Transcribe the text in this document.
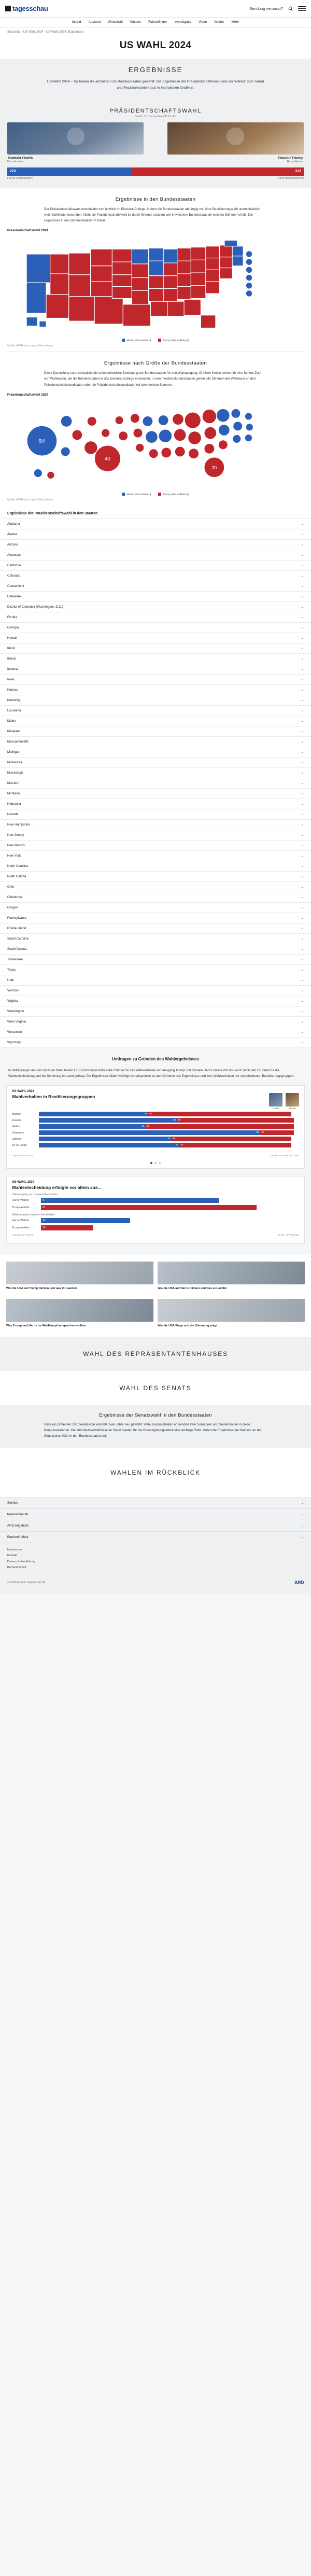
tagesschau	Sendung verpasst?
Inland Ausland Wirtschaft Wissen Faktenfinder Investigativ Video Wetter Mehr
Startseite › US-Wahl 2024 › US-Wahl 2024: Ergebnisse
US WAHL 2024
ERGEBNISSE
US-Wahl 2024 – So haben die einzelnen US-Bundesstaaten gewählt: Die Ergebnisse der Präsidentschaftswahl und der Wahlen zum Senat und Repräsentantenhaus in interaktiven Grafiken.
PRÄSIDENTSCHAFTSWAHL
Stand: 13. Dezember, 08:15 Uhr
Kamala Harris
Demokraten
Donald Trump
Republikaner
226	312
Harris (Demokraten)	Trump (Republikaner)
Ergebnisse in den Bundesstaaten

Der Präsidentschaftswahl entscheidet sich letztlich im Electoral College, in dem die Bundesstaaten abhängig von ihrer Bevölkerungszahl unterschiedlich viele Wahlleute entsenden. Nicht die Präsidentschaftswahl ist damit führend, sondern wer in welchem Bundesstaat die meisten Stimmen erhält. Die Ergebnisse in den Bundesstaaten im Detail.

Präsidentschaftswahl 2024
Harris (Demokraten)	Trump (Republikaner)
Quelle: AP/Reuters, eigene Berechnung
Ergebnisse nach Größe der Bundesstaaten

Diese Darstellung veranschaulicht die unterschiedliche Bedeutung der Bundesstaaten für den Wahlausgang: Größere Kreise stehen für eine höhere Zahl von Wahlleuten, die die Bundesstaaten in das Electoral College entsenden. In den meisten Bundesstaaten gehen alle Stimmen der Wahlleute an den Präsidentschaftskandidaten oder die Präsidentschaftskandidatin mit den meisten Stimmen.

Präsidentschaftswahl 2024
54
40
30
Harris (Demokraten)	Trump (Republikaner)
Quelle: AP/Reuters, eigene Berechnung
Ergebnisse der Präsidentschaftswahl in den Staaten
Alabama	⌄
Alaska	⌄
Arizona	⌄
Arkansas	⌄
California	⌄
Colorado	⌄
Connecticut	⌄
Delaware	⌄
District of Columbia (Washington, D.C.)	⌄
Florida	⌄
Georgia	⌄
Hawaii	⌄
Idaho	⌄
Illinois	⌄
Indiana	⌄
Iowa	⌄
Kansas	⌄
Kentucky	⌄
Louisiana	⌄
Maine	⌄
Maryland	⌄
Massachusetts	⌄
Michigan	⌄
Minnesota	⌄
Mississippi	⌄
Missouri	⌄
Montana	⌄
Nebraska	⌄
Nevada	⌄
New Hampshire	⌄
New Jersey	⌄
New Mexico	⌄
New York	⌄
North Carolina	⌄
North Dakota	⌄
Ohio	⌄
Oklahoma	⌄
Oregon	⌄
Pennsylvania	⌄
Rhode Island	⌄
South Carolina	⌄
South Dakota	⌄
Tennessee	⌄
Texas	⌄
Utah	⌄
Vermont	⌄
Virginia	⌄
Washington	⌄
West Virginia	⌄
Wisconsin	⌄
Wyoming	⌄
Umfragen zu Gründen des Wahlergebnisses
In Befragungen am und nach der Wahl haben US-Forschungsinstitute die Gründe für das Wahlverhalten am Ausgang Trump und Kamala Harris untersucht und auch nach den Gründen für die Wahlentscheidung und die Stimmung im Land gefragt. Die Ergebnisse bilden wichtige Anhaltspunkte zu den Gründen des Ergebnisses und zum Wahlverhalten der verschiedenen Bevölkerungsgruppen.
US-WAHL 2024
Wahlverhalten in Bevölkerungsgruppen
Harris	Trump
Männer	42 55
Frauen	53 45
Weiße	41 57
Schwarze	85 13
Latinos	51 46
18-29 Jahre	54 43
Angaben in Prozent	Quelle: AP VoteCast / NEP
US-WAHL 2024
Wahlentscheidung erfolgte vor allem aus...
Überzeugung von meinem Kandidaten
Harris-Wähler	67
Trump-Wähler	81
Ablehnung des anderen Kandidaten
Harris-Wähler	33
Trump-Wähler	19
Angaben in Prozent	Quelle: AP VoteCast
Wie die USA auf Trump blicken und was ihn wartete	Wie die USA auf Harris blicken und was sie wählte
Was Trump und Harris im Wahlkampf versprachen wollten	Wie die USA Wege und die Stimmung prägt
WAHL DES REPRÄSENTANTENHAUSES
WAHL DES SENATS
Ergebnisse der Senatswahl in den Bundesstaaten

Etwa ein Drittel der 100 Senatssitze wird alle zwei Jahre neu gewählt. Viele Bundesstaaten entsenden zwei Senatoren und Senatorinnen in diese Kongresskammer. Die Mehrheitsverhältnisse im Senat spielen für die Gesetzgebungsarbeit eine wichtige Rolle. Unten die Ergebnisse der Wahlen um die Senatssitze 2024 in den Bundesstaaten auf.

WAHLEN IM RÜCKBLICK
Service	⌄
tagesschau.de	⌄
ARD Angebote	⌄
Barrierefreiheit	⌄
Impressum
Kontakt
Datenschutzerklärung
Barrierefreiheit
© ARD-aktuell / tagesschau.de	ARD
